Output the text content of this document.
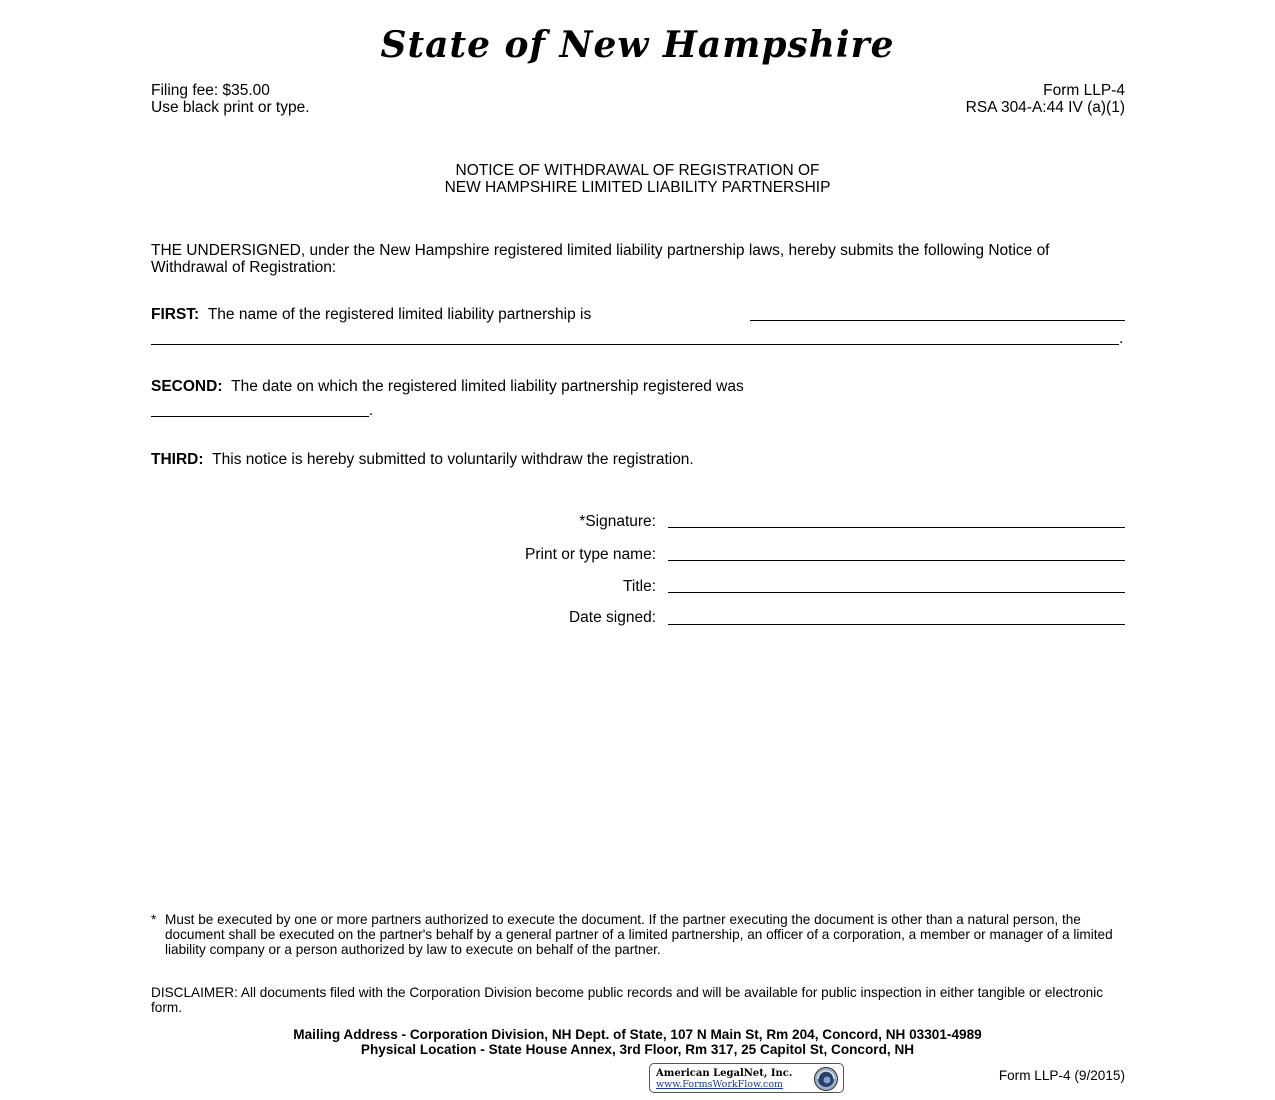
State of New Hampshire
Filing fee: $35.00
Use black print or type.
Form LLP-4
RSA 304-A:44 IV (a)(1)
NOTICE OF WITHDRAWAL OF REGISTRATION OF
NEW HAMPSHIRE LIMITED LIABILITY PARTNERSHIP
THE UNDERSIGNED, under the New Hampshire registered limited liability partnership laws, hereby submits the following Notice of Withdrawal of Registration:
FIRST: The name of the registered limited liability partnership is
.
SECOND: The date on which the registered limited liability partnership registered was
.
THIRD: This notice is hereby submitted to voluntarily withdraw the registration.
*Signature:
Print or type name:
Title:
Date signed:
* Must be executed by one or more partners authorized to execute the document. If the partner executing the document is other than a natural person, the document shall be executed on the partner's behalf by a general partner of a limited partnership, an officer of a corporation, a member or manager of a limited liability company or a person authorized by law to execute on behalf of the partner.
DISCLAIMER: All documents filed with the Corporation Division become public records and will be available for public inspection in either tangible or electronic form.
Mailing Address - Corporation Division, NH Dept. of State, 107 N Main St, Rm 204, Concord, NH 03301-4989
Physical Location - State House Annex, 3rd Floor, Rm 317, 25 Capitol St, Concord, NH
American LegalNet, Inc.
www.FormsWorkFlow.com
Form LLP-4 (9/2015)
